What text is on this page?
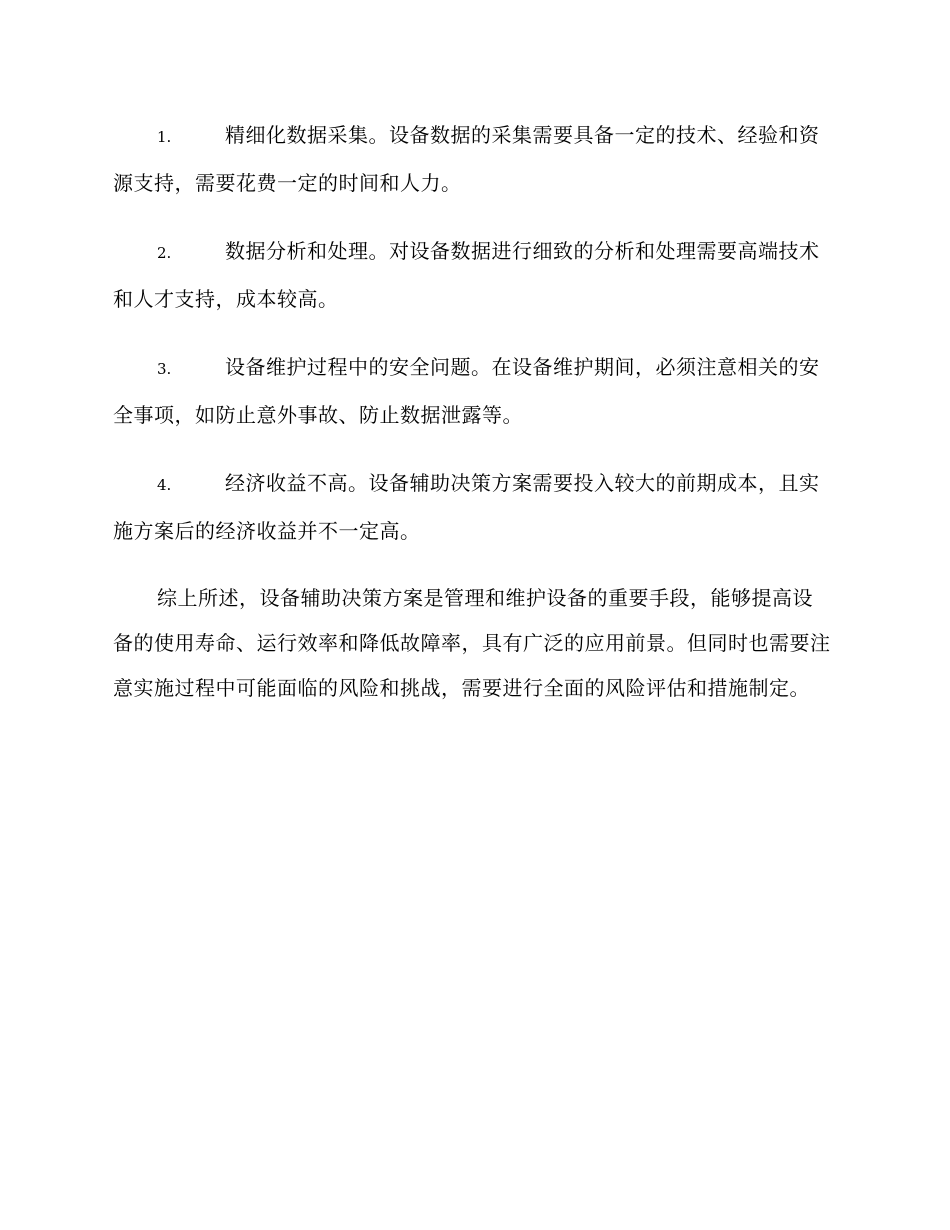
1.	精细化数据采集。设备数据的采集需要具备一定的技术、经验和资源支持，需要花费一定的时间和人力。

2.	数据分析和处理。对设备数据进行细致的分析和处理需要高端技术和人才支持，成本较高。

3.	设备维护过程中的安全问题。在设备维护期间，必须注意相关的安全事项，如防止意外事故、防止数据泄露等。

4.	经济收益不高。设备辅助决策方案需要投入较大的前期成本，且实施方案后的经济收益并不一定高。

综上所述，设备辅助决策方案是管理和维护设备的重要手段，能够提高设备的使用寿命、运行效率和降低故障率，具有广泛的应用前景。但同时也需要注意实施过程中可能面临的风险和挑战，需要进行全面的风险评估和措施制定。
